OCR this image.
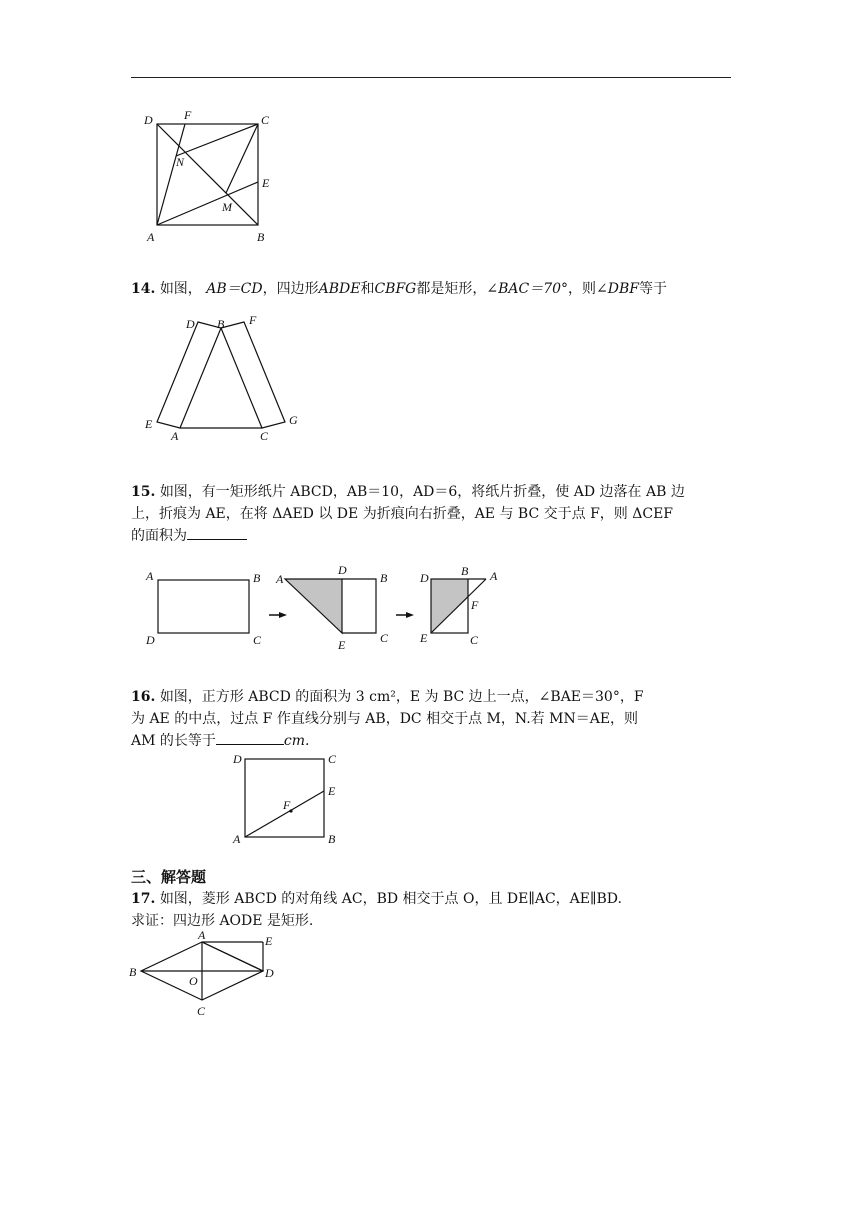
D	F	C
N
E
M
A	B
14. 如图， AB＝CD，四边形ABDE和CBFG都是矩形，∠BAC＝70°，则∠DBF等于
D B F
E
A	C
G
15. 如图，有一矩形纸片 ABCD，AB＝10，AD＝6，将纸片折叠，使 AD 边落在 AB 边
上，折痕为 AE，在将 ΔAED 以 DE 为折痕向右折叠，AE 与 BC 交于点 F，则 ΔCEF
的面积为
A	B
D	C
A
D
B
E	C
D	B A
F
E	C
16. 如图，正方形 ABCD 的面积为 3 cm²，E 为 BC 边上一点，∠BAE＝30°，F
为 AE 的中点，过点 F 作直线分别与 AB，DC 相交于点 M，N.若 MN＝AE，则
AM 的长等于	cm.
D	C
E
F
A	B
三、解答题
17. 如图，菱形 ABCD 的对角线 AC，BD 相交于点 O，且 DE∥AC，AE∥BD.
求证：四边形 AODE 是矩形.
A	E
B
O
D
C
